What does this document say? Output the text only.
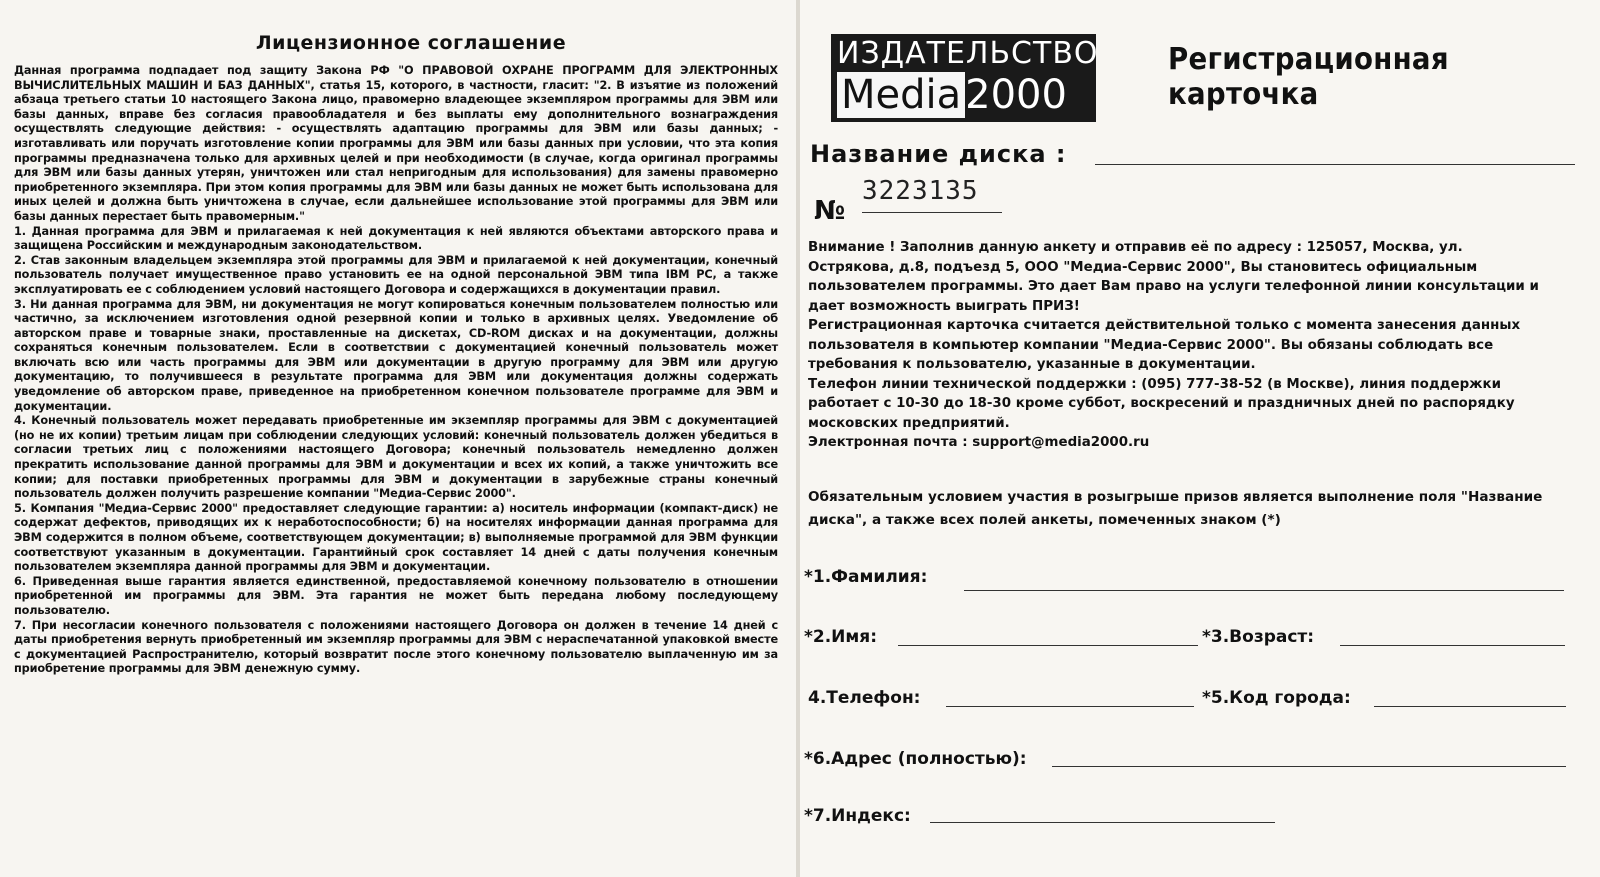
Лицензионное соглашение

Данная программа подпадает под защиту Закона РФ "О ПРАВОВОЙ ОХРАНЕ ПРОГРАММ ДЛЯ ЭЛЕКТРОННЫХ ВЫЧИСЛИТЕЛЬНЫХ МАШИН И БАЗ ДАННЫХ", статья 15, которого, в частности, гласит: "2. В изъятие из положений абзаца третьего статьи 10 настоящего Закона лицо, правомерно владеющее экземпляром программы для ЭВМ или базы данных, вправе без согласия правообладателя и без выплаты ему дополнительного вознаграждения осуществлять следующие действия: - осуществлять адаптацию программы для ЭВМ или базы данных; - изготавливать или поручать изготовление копии программы для ЭВМ или базы данных при условии, что эта копия программы предназначена только для архивных целей и при необходимости (в случае, когда оригинал программы для ЭВМ или базы данных утерян, уничтожен или стал непригодным для использования) для замены правомерно приобретенного экземпляра. При этом копия программы для ЭВМ или базы данных не может быть использована для иных целей и должна быть уничтожена в случае, если дальнейшее использование этой программы для ЭВМ или базы данных перестает быть правомерным."

1. Данная программа для ЭВМ и прилагаемая к ней документация к ней являются объектами авторского права и защищена Российским и международным законодательством.

2. Став законным владельцем экземпляра этой программы для ЭВМ и прилагаемой к ней документации, конечный пользователь получает имущественное право установить ее на одной персональной ЭВМ типа IBM PC, а также эксплуатировать ее с соблюдением условий настоящего Договора и содержащихся в документации правил.

3. Ни данная программа для ЭВМ, ни документация не могут копироваться конечным пользователем полностью или частично, за исключением изготовления одной резервной копии и только в архивных целях. Уведомление об авторском праве и товарные знаки, проставленные на дискетах, CD-ROM дисках и на документации, должны сохраняться конечным пользователем. Если в соответствии с документацией конечный пользователь может включать всю или часть программы для ЭВМ или документации в другую программу для ЭВМ или другую документацию, то получившееся в результате программа для ЭВМ или документация должны содержать уведомление об авторском праве, приведенное на приобретенном конечном пользователе программе для ЭВМ и документации.

4. Конечный пользователь может передавать приобретенные им экземпляр программы для ЭВМ с документацией (но не их копии) третьим лицам при соблюдении следующих условий: конечный пользователь должен убедиться в согласии третьих лиц с положениями настоящего Договора; конечный пользователь немедленно должен прекратить использование данной программы для ЭВМ и документации и всех их копий, а также уничтожить все копии; для поставки приобретенных программы для ЭВМ и документации в зарубежные страны конечный пользователь должен получить разрешение компании "Медиа-Сервис 2000".

5. Компания "Медиа-Сервис 2000" предоставляет следующие гарантии: а) носитель информации (компакт-диск) не содержат дефектов, приводящих их к неработоспособности; б) на носителях информации данная программа для ЭВМ содержится в полном объеме, соответствующем документации; в) выполняемые программой для ЭВМ функции соответствуют указанным в документации. Гарантийный срок составляет 14 дней с даты получения конечным пользователем экземпляра данной программы для ЭВМ и документации.

6. Приведенная выше гарантия является единственной, предоставляемой конечному пользователю в отношении приобретенной им программы для ЭВМ. Эта гарантия не может быть передана любому последующему пользователю.

7. При несогласии конечного пользователя с положениями настоящего Договора он должен в течение 14 дней с даты приобретения вернуть приобретенный им экземпляр программы для ЭВМ с нераспечатанной упаковкой вместе с документацией Распространителю, который возвратит после этого конечному пользователю выплаченную им за приобретение программы для ЭВМ денежную сумму.

ИЗДАТЕЛЬСТВО
Media 2000
Регистрационная карточка
Название диска :
№
3223135

Внимание ! Заполнив данную анкету и отправив её по адресу : 125057, Москва, ул. Острякова, д.8, подъезд 5, ООО "Медиа-Сервис 2000", Вы становитесь официальным пользователем программы. Это дает Вам право на услуги телефонной линии консультации и дает возможность выиграть ПРИЗ!

Регистрационная карточка считается действительной только с момента занесения данных пользователя в компьютер компании "Медиа-Сервис 2000". Вы обязаны соблюдать все требования к пользователю, указанные в документации.

Телефон линии технической поддержки : (095) 777-38-52 (в Москве), линия поддержки работает с 10-30 до 18-30 кроме суббот, воскресений и праздничных дней по распорядку московских предприятий.

Электронная почта : support@media2000.ru

Обязательным условием участия в розыгрыше призов является выполнение поля "Название диска", а также всех полей анкеты, помеченных знаком (*)
*1.Фамилия:
*2.Имя:	*3.Возраст:
4.Телефон:	*5.Код города:
*6.Адрес (полностью):
*7.Индекс:
